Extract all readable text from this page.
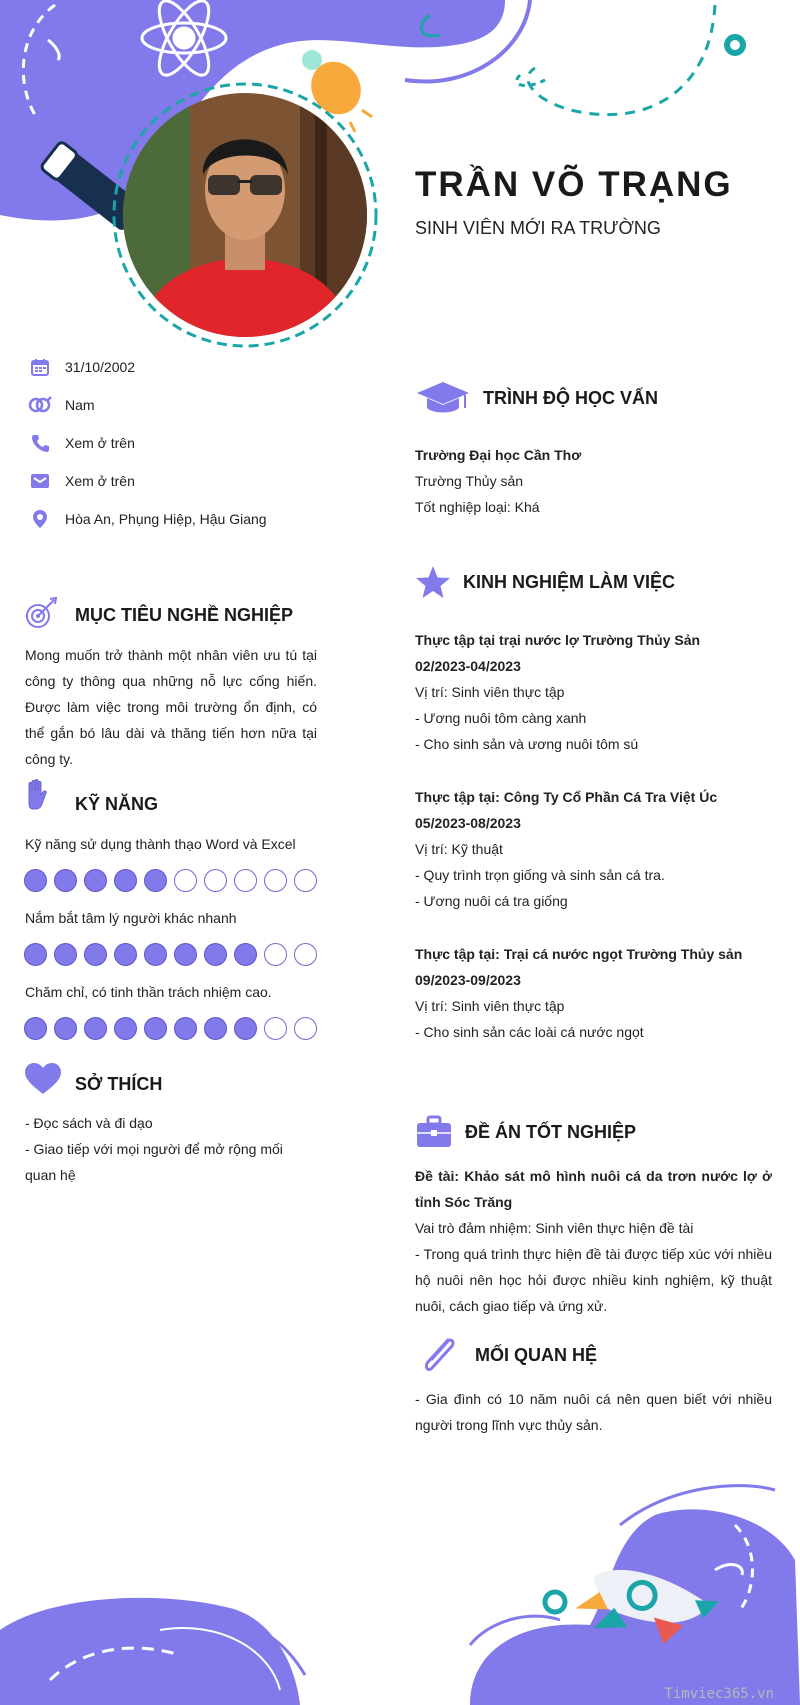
TRẦN VÕ TRẠNG
SINH VIÊN MỚI RA TRƯỜNG
31/10/2002
Nam
Xem ở trên
Xem ở trên
Hòa An, Phụng Hiệp, Hậu Giang
MỤC TIÊU NGHỀ NGHIỆP
Mong muốn trở thành một nhân viên ưu tú tại công ty thông qua những nỗ lực cống hiến. Được làm việc trong môi trường ổn định, có thể gắn bó lâu dài và thăng tiến hơn nữa tại công ty.
KỸ NĂNG
Kỹ năng sử dụng thành thạo Word và Excel
Nắm bắt tâm lý người khác nhanh
Chăm chỉ, có tinh thần trách nhiệm cao.
SỞ THÍCH
- Đọc sách và đi dạo
- Giao tiếp với mọi người để mở rộng mối quan hệ
TRÌNH ĐỘ HỌC VẤN
Trường Đại học Cần Thơ
Trường Thủy sản
Tốt nghiệp loại: Khá
KINH NGHIỆM LÀM VIỆC
Thực tập tại trại nước lợ Trường Thủy Sản
02/2023-04/2023
Vị trí: Sinh viên thực tập
- Ương nuôi tôm càng xanh
- Cho sinh sản và ương nuôi tôm sú
Thực tập tại: Công Ty Cổ Phần Cá Tra Việt Úc
05/2023-08/2023
Vị trí: Kỹ thuật
- Quy trình trọn giống và sinh sản cá tra.
- Ương nuôi cá tra giống
Thực tập tại: Trại cá nước ngọt Trường Thủy sản
09/2023-09/2023
Vị trí: Sinh viên thực tập
- Cho sinh sản các loài cá nước ngọt
ĐỀ ÁN TỐT NGHIỆP
Đề tài: Khảo sát mô hình nuôi cá da trơn nước lợ ở tỉnh Sóc Trăng
Vai trò đảm nhiệm: Sinh viên thực hiện đề tài
- Trong quá trình thực hiện đề tài được tiếp xúc với nhiều hộ nuôi nên học hỏi được nhiều kinh nghiệm, kỹ thuật nuôi, cách giao tiếp và ứng xử.
MỐI QUAN HỆ
- Gia đình có 10 năm nuôi cá nên quen biết với nhiều người trong lĩnh vực thủy sản.
Timviec365.vn
